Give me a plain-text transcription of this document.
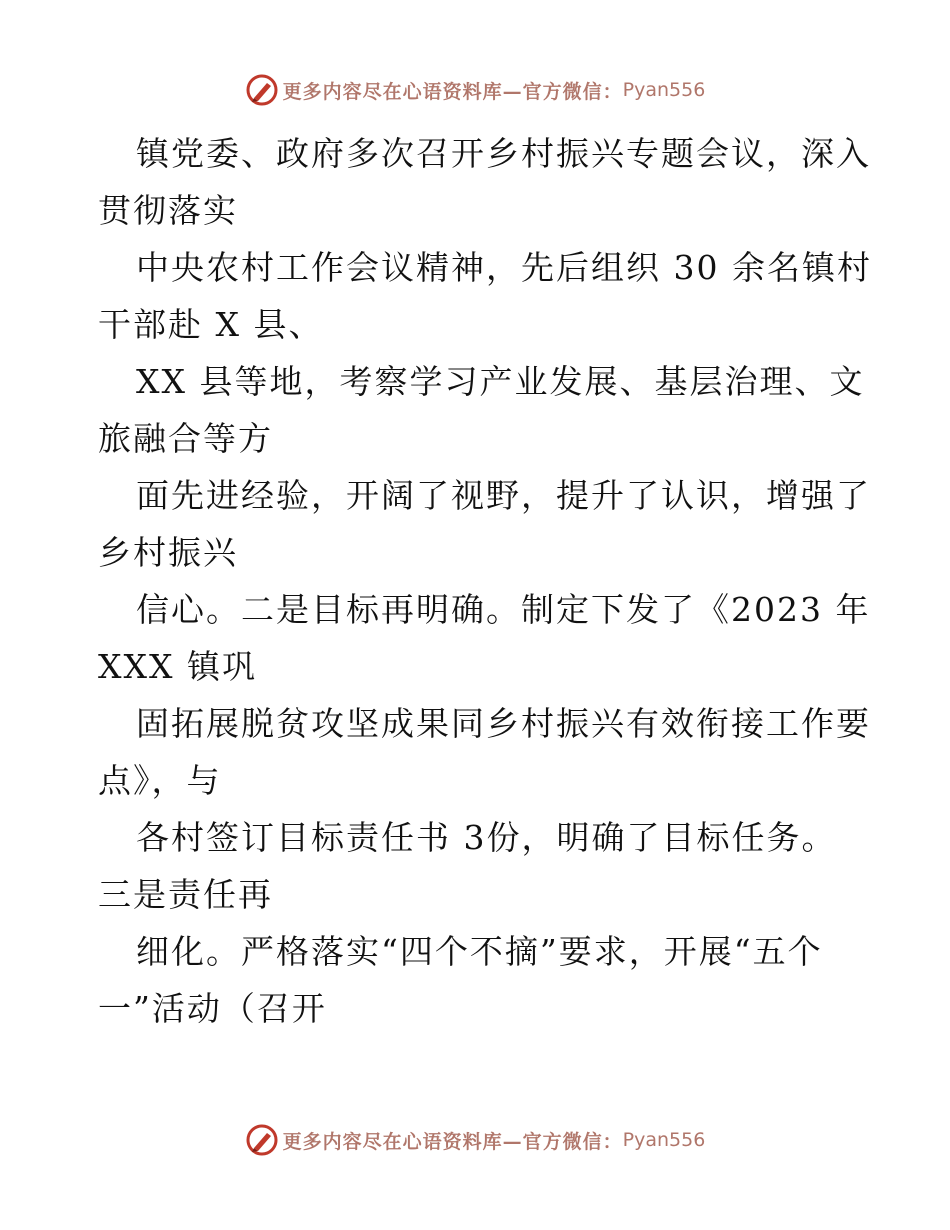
更多内容尽在心语资料库—官方微信： Pyan556
镇党委、政府多次召开乡村振兴专题会议，深入
贯彻落实
中央农村工作会议精神，先后组织 30 余名镇村
干部赴 X 县、
XX 县等地，考察学习产业发展、基层治理、文
旅融合等方
面先进经验，开阔了视野，提升了认识，增强了
乡村振兴
信心。二是目标再明确。制定下发了《2023 年
XXX 镇巩
固拓展脱贫攻坚成果同乡村振兴有效衔接工作要
点》，与
各村签订目标责任书 3份，明确了目标任务。
三是责任再
细化。严格落实“四个不摘”要求，开展“五个
一”活动（召开
更多内容尽在心语资料库—官方微信： Pyan556
